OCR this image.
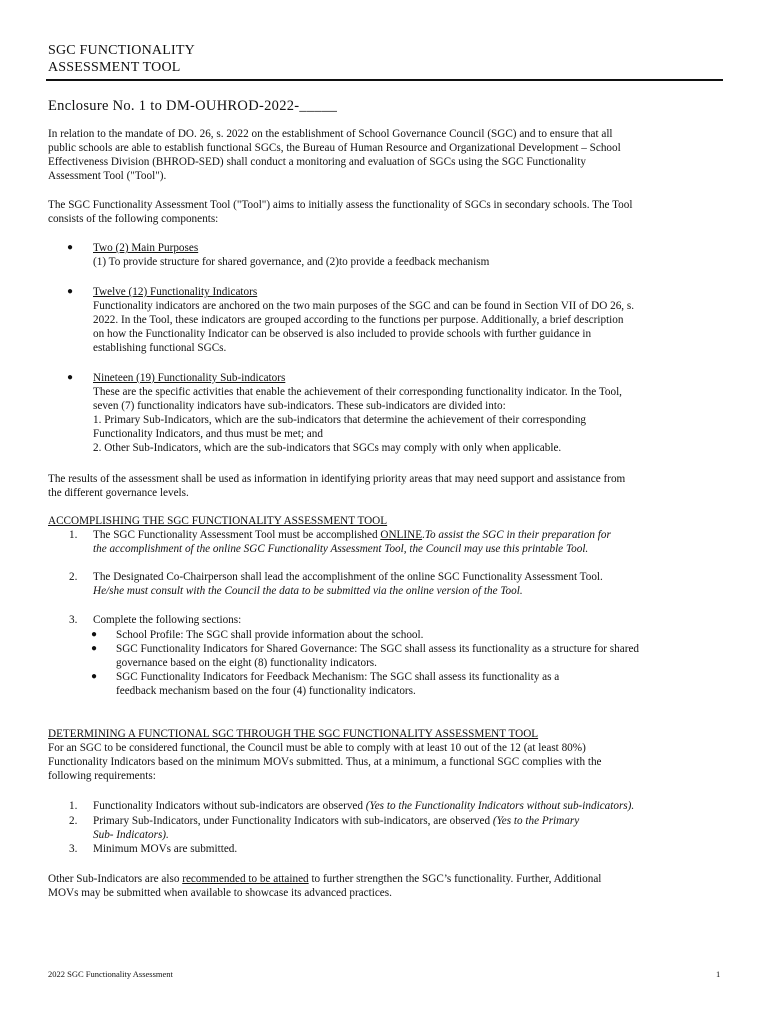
SGC FUNCTIONALITY
ASSESSMENT TOOL
Enclosure No. 1 to DM-OUHROD-2022-_____

In relation to the mandate of DO. 26, s. 2022 on the establishment of School Governance Council (SGC) and to ensure that all

public schools are able to establish functional SGCs, the Bureau of Human Resource and Organizational Development – School

Effectiveness Division (BHROD-SED) shall conduct a monitoring and evaluation of SGCs using the SGC Functionality

Assessment Tool ("Tool").

The SGC Functionality Assessment Tool ("Tool") aims to initially assess the functionality of SGCs in secondary schools. The Tool

consists of the following components:

● Two (2) Main Purposes

(1) To provide structure for shared governance, and (2)to provide a feedback mechanism

● Twelve (12) Functionality Indicators

Functionality indicators are anchored on the two main purposes of the SGC and can be found in Section VII of DO 26, s.

2022. In the Tool, these indicators are grouped according to the functions per purpose. Additionally, a brief description

on how the Functionality Indicator can be observed is also included to provide schools with further guidance in

establishing functional SGCs.

● Nineteen (19) Functionality Sub-indicators

These are the specific activities that enable the achievement of their corresponding functionality indicator. In the Tool,

seven (7) functionality indicators have sub-indicators. These sub-indicators are divided into:

1. Primary Sub-Indicators, which are the sub-indicators that determine the achievement of their corresponding

Functionality Indicators, and thus must be met; and

2. Other Sub-Indicators, which are the sub-indicators that SGCs may comply with only when applicable.

The results of the assessment shall be used as information in identifying priority areas that may need support and assistance from

the different governance levels.

ACCOMPLISHING THE SGC FUNCTIONALITY ASSESSMENT TOOL
1. The SGC Functionality Assessment Tool must be accomplished ONLINE.To assist the SGC in their preparation for

the accomplishment of the online SGC Functionality Assessment Tool, the Council may use this printable Tool.

2. The Designated Co-Chairperson shall lead the accomplishment of the online SGC Functionality Assessment Tool.

He/she must consult with the Council the data to be submitted via the online version of the Tool.

3. Complete the following sections:
● School Profile: The SGC shall provide information about the school.

● SGC Functionality Indicators for Shared Governance: The SGC shall assess its functionality as a structure for shared

governance based on the eight (8) functionality indicators.

● SGC Functionality Indicators for Feedback Mechanism: The SGC shall assess its functionality as a

feedback mechanism based on the four (4) functionality indicators.

DETERMINING A FUNCTIONAL SGC THROUGH THE SGC FUNCTIONALITY ASSESSMENT TOOL

For an SGC to be considered functional, the Council must be able to comply with at least 10 out of the 12 (at least 80%)

Functionality Indicators based on the minimum MOVs submitted. Thus, at a minimum, a functional SGC complies with the

following requirements:

1. Functionality Indicators without sub-indicators are observed (Yes to the Functionality Indicators without sub-indicators).
2. Primary Sub-Indicators, under Functionality Indicators with sub-indicators, are observed (Yes to the Primary

Sub- Indicators).

3. Minimum MOVs are submitted.

Other Sub-Indicators are also recommended to be attained to further strengthen the SGC’s functionality. Further, Additional

MOVs may be submitted when available to showcase its advanced practices.

2022 SGC Functionality Assessment	1
